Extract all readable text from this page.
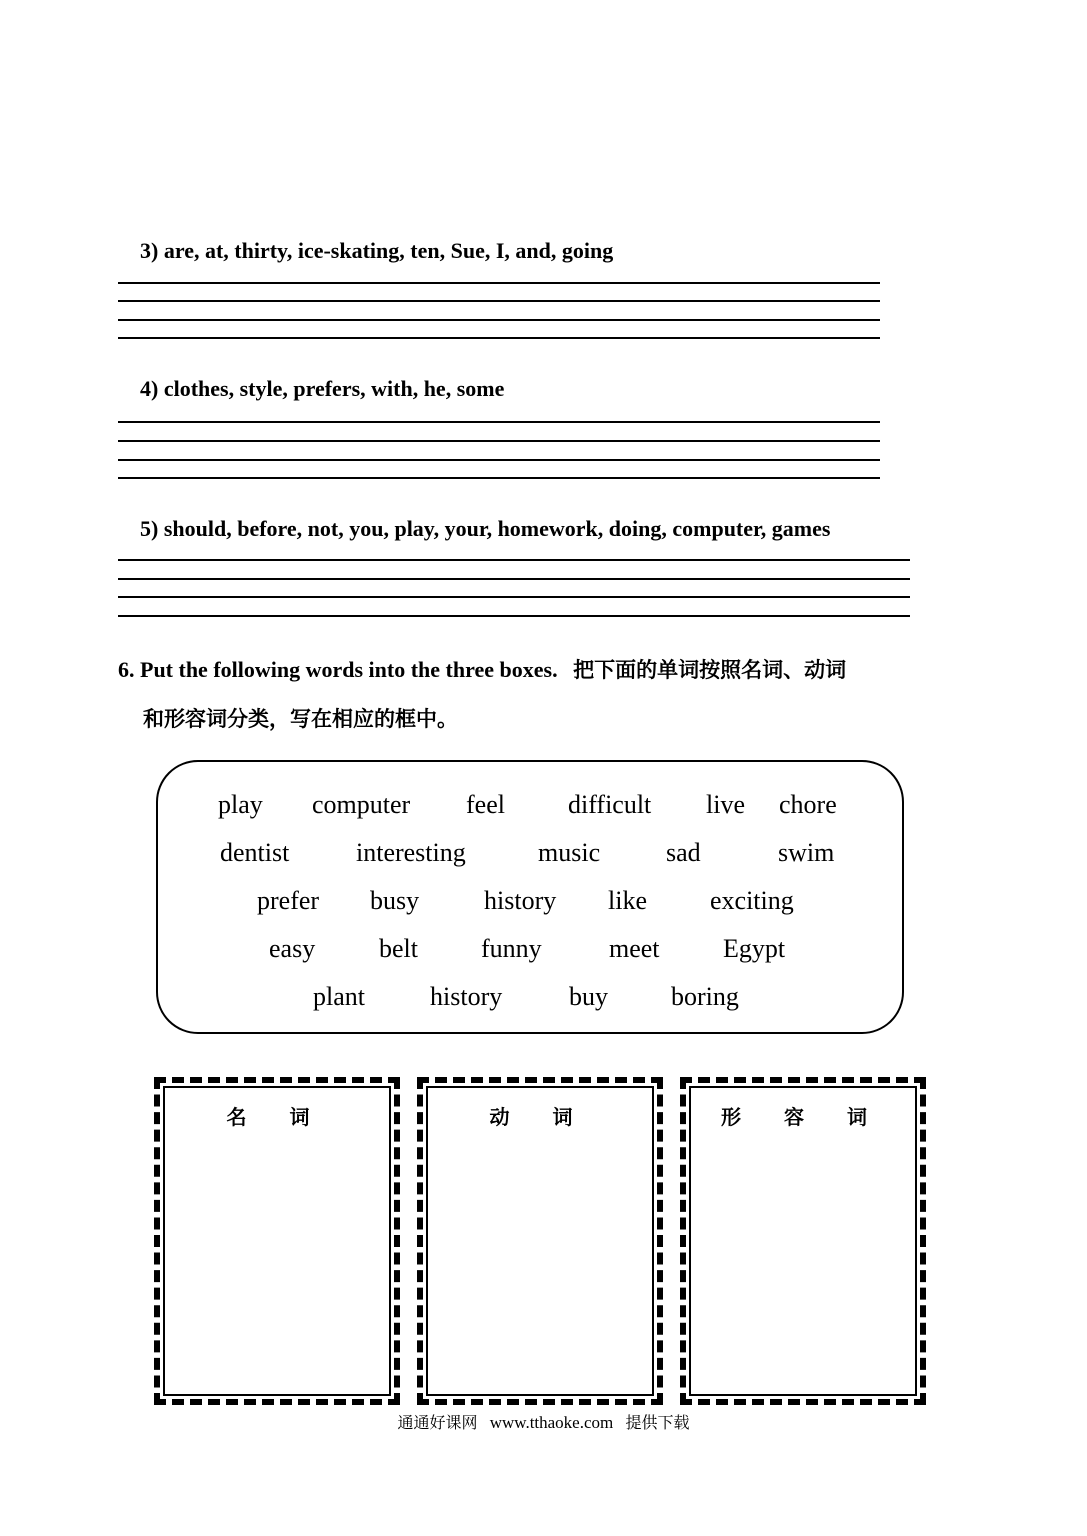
3) are, at, thirty, ice-skating, ten, Sue, I, and, going
4) clothes, style, prefers, with, he, some
5) should, before, not, you, play, your, homework, doing, computer, games
6. Put the following words into the three boxes. 把下面的单词按照名词、动词
和形容词分类，写在相应的框中。
play computer feel difficult live chore
dentist	interesting	music	sad	swim
prefer busy history like exciting
easy belt funny	meet Egypt
plant	history	buy boring
名 词	动 词	形 容 词
通通好课网 www.tthaoke.com 提供下载
